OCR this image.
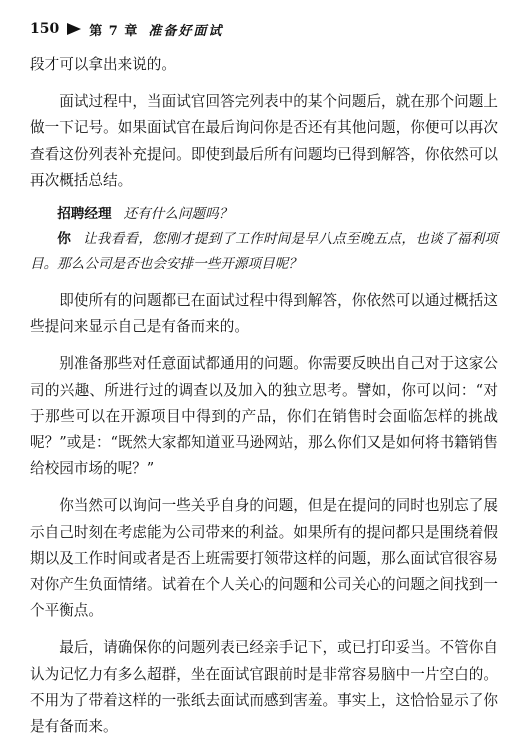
150 第 7 章 准备好面试

段才可以拿出来说的。

面试过程中，当面试官回答完列表中的某个问题后，就在那个问题上做一下记号。如果面试官在最后询问你是否还有其他问题，你便可以再次查看这份列表补充提问。即使到最后所有问题均已得到解答，你依然可以再次概括总结。

招聘经理 还有什么问题吗？

你 让我看看，您刚才提到了工作时间是早八点至晚五点，也谈了福利项目。那么公司是否也会安排一些开源项目呢？

即使所有的问题都已在面试过程中得到解答，你依然可以通过概括这些提问来显示自己是有备而来的。

别准备那些对任意面试都通用的问题。你需要反映出自己对于这家公司的兴趣、所进行过的调查以及加入的独立思考。譬如，你可以问：“对于那些可以在开源项目中得到的产品，你们在销售时会面临怎样的挑战呢？”或是：“既然大家都知道亚马逊网站，那么你们又是如何将书籍销售给校园市场的呢？”

你当然可以询问一些关乎自身的问题，但是在提问的同时也别忘了展示自己时刻在考虑能为公司带来的利益。如果所有的提问都只是围绕着假期以及工作时间或者是否上班需要打领带这样的问题，那么面试官很容易对你产生负面情绪。试着在个人关心的问题和公司关心的问题之间找到一个平衡点。

最后，请确保你的问题列表已经亲手记下，或已打印妥当。不管你自认为记忆力有多么超群，坐在面试官跟前时是非常容易脑中一片空白的。不用为了带着这样的一张纸去面试而感到害羞。事实上，这恰恰显示了你是有备而来。
